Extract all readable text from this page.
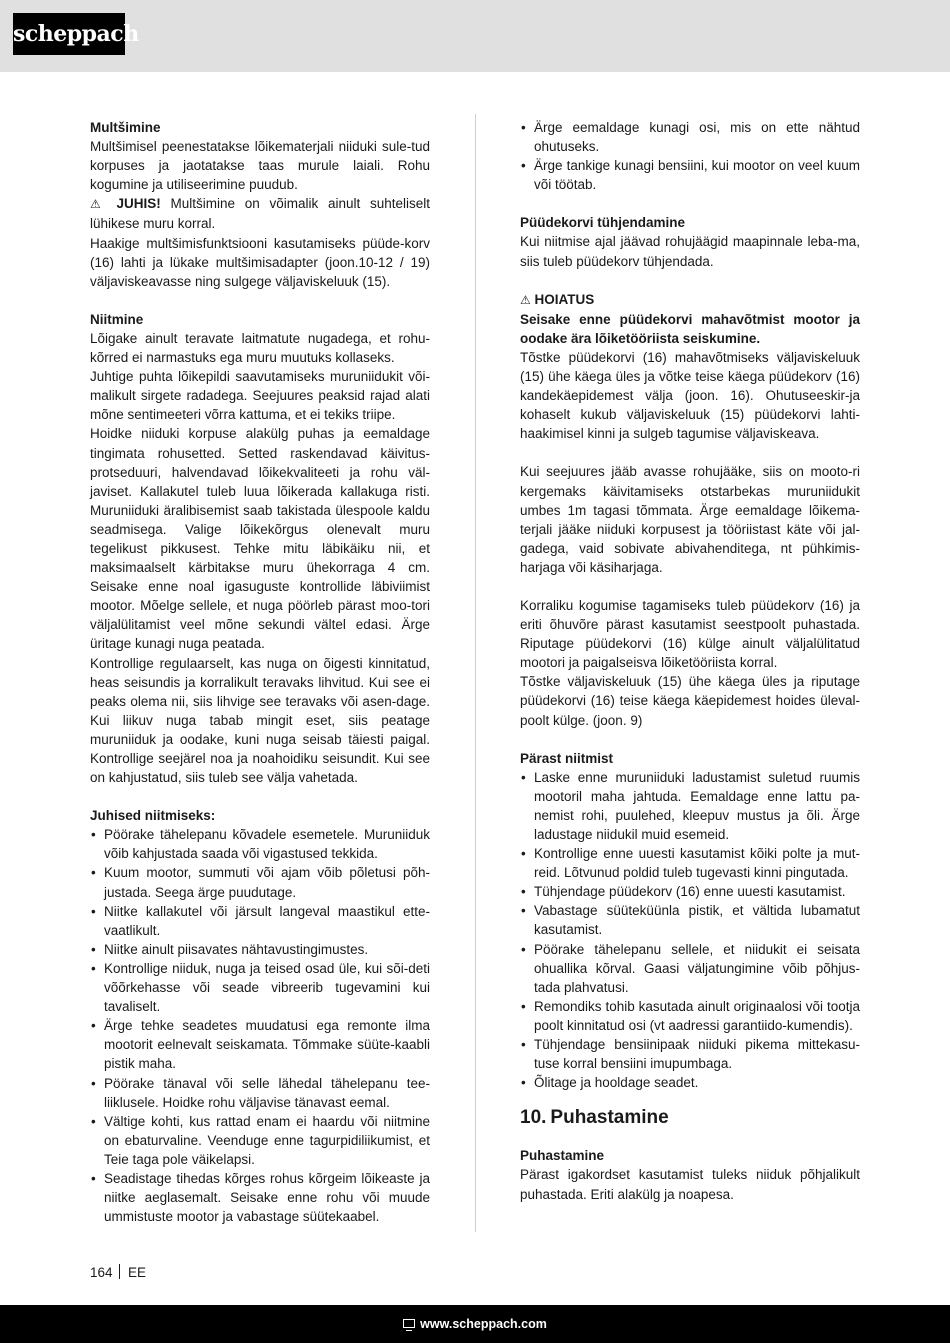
scheppach
Multšimine

Multšimisel peenestatakse lõikematerjali niiduki sule-tud korpuses ja jaotatakse taas murule laiali. Rohu kogumine ja utiliseerimine puudub.

⚠ JUHIS! Multšimine on võimalik ainult suhteliselt lühikese muru korral.

Haakige multšimisfunktsiooni kasutamiseks püüde-korv (16) lahti ja lükake multšimisadapter (joon.10-12 / 19) väljaviskeavasse ning sulgege väljaviskeluuk (15).

Niitmine

Lõigake ainult teravate laitmatute nugadega, et rohu-kõrred ei narmastuks ega muru muutuks kollaseks.

Juhtige puhta lõikepildi saavutamiseks muruniidukit või-malikult sirgete radadega. Seejuures peaksid rajad alati mõne sentimeeteri võrra kattuma, et ei tekiks triipe.

Hoidke niiduki korpuse alakülg puhas ja eemaldage tingimata rohusetted. Setted raskendavad käivitus-protseduuri, halvendavad lõikekvaliteeti ja rohu väl-javiset. Kallakutel tuleb luua lõikerada kallakuga risti. Muruniiduki äralibisemist saab takistada ülespoole kaldu seadmisega. Valige lõikekõrgus olenevalt muru tegelikust pikkusest. Tehke mitu läbikäiku nii, et maksimaalselt kärbitakse muru ühekorraga 4 cm. Seisake enne noal igasuguste kontrollide läbiviimist mootor. Mõelge sellele, et nuga pöörleb pärast moo-tori väljalülitamist veel mõne sekundi vältel edasi. Ärge üritage kunagi nuga peatada.

Kontrollige regulaarselt, kas nuga on õigesti kinnitatud, heas seisundis ja korralikult teravaks lihvitud. Kui see ei peaks olema nii, siis lihvige see teravaks või asen-dage. Kui liikuv nuga tabab mingit eset, siis peatage muruniiduk ja oodake, kuni nuga seisab täiesti paigal. Kontrollige seejärel noa ja noahoidiku seisundit. Kui see on kahjustatud, siis tuleb see välja vahetada.

Juhised niitmiseks:
• Pöörake tähelepanu kõvadele esemetele. Muruniiduk võib kahjustada saada või vigastused tekkida.
• Kuum mootor, summuti või ajam võib põletusi põh-justada. Seega ärge puudutage.
• Niitke kallakutel või järsult langeval maastikul ette-vaatlikult.
• Niitke ainult piisavates nähtavustingimustes.
• Kontrollige niiduk, nuga ja teised osad üle, kui sõi-deti võõrkehasse või seade vibreerib tugevamini kui tavaliselt.
• Ärge tehke seadetes muudatusi ega remonte ilma mootorit eelnevalt seiskamata. Tõmmake süüte-kaabli pistik maha.
• Pöörake tänaval või selle lähedal tähelepanu tee-liiklusele. Hoidke rohu väljavise tänavast eemal.
• Vältige kohti, kus rattad enam ei haardu või niitmine on ebaturvaline. Veenduge enne tagurpidiliikumist, et Teie taga pole väikelapsi.
• Seadistage tihedas kõrges rohus kõrgeim lõikeaste ja niitke aeglasemalt. Seisake enne rohu või muude ummistuste mootor ja vabastage süütekaabel.
• Ärge eemaldage kunagi osi, mis on ette nähtud ohutuseks.
• Ärge tankige kunagi bensiini, kui mootor on veel kuum või töötab.
Püüdekorvi tühjendamine

Kui niitmise ajal jäävad rohujäägid maapinnale leba-ma, siis tuleb püüdekorv tühjendada.

⚠ HOIATUS

Seisake enne püüdekorvi mahavõtmist mootor ja oodake ära lõiketööriista seiskumine.

Tõstke püüdekorvi (16) mahavõtmiseks väljaviskeluuk (15) ühe käega üles ja võtke teise käega püüdekorv (16) kandekäepidemest välja (joon. 16). Ohutuseeskir-ja kohaselt kukub väljaviskeluuk (15) püüdekorvi lahti-haakimisel kinni ja sulgeb tagumise väljaviskeava.

Kui seejuures jääb avasse rohujääke, siis on mooto-ri kergemaks käivitamiseks otstarbekas muruniidukit umbes 1m tagasi tõmmata. Ärge eemaldage lõikema-terjali jääke niiduki korpusest ja tööriistast käte või jal-gadega, vaid sobivate abivahenditega, nt pühkimis-harjaga või käsiharjaga.

Korraliku kogumise tagamiseks tuleb püüdekorv (16) ja eriti õhuvõre pärast kasutamist seestpoolt puhastada. Riputage püüdekorvi (16) külge ainult väljalülitatud mootori ja paigalseisva lõiketööriista korral.

Tõstke väljaviskeluuk (15) ühe käega üles ja riputage püüdekorvi (16) teise käega käepidemest hoides üleval-poolt külge. (joon. 9)

Pärast niitmist
• Laske enne muruniiduki ladustamist suletud ruumis mootoril maha jahtuda. Eemaldage enne lattu pa-nemist rohi, puulehed, kleepuv mustus ja õli. Ärge ladustage niidukil muid esemeid.
• Kontrollige enne uuesti kasutamist kõiki polte ja mut-reid. Lõtvunud poldid tuleb tugevasti kinni pingutada.
• Tühjendage püüdekorv (16) enne uuesti kasutamist.
• Vabastage süüteküünla pistik, et vältida lubamatut kasutamist.
• Pöörake tähelepanu sellele, et niidukit ei seisata ohuallika kõrval. Gaasi väljatungimine võib põhjus-tada plahvatusi.
• Remondiks tohib kasutada ainult originaalosi või tootja poolt kinnitatud osi (vt aadressi garantiido-kumendis).
• Tühjendage bensiinipaak niiduki pikema mittekasu-tuse korral bensiini imupumbaga.
• Õlitage ja hooldage seadet.

10. Puhastamine

Puhastamine

Pärast igakordset kasutamist tuleks niiduk põhjalikult puhastada. Eriti alakülg ja noapesa.

164 EE
www.scheppach.com
